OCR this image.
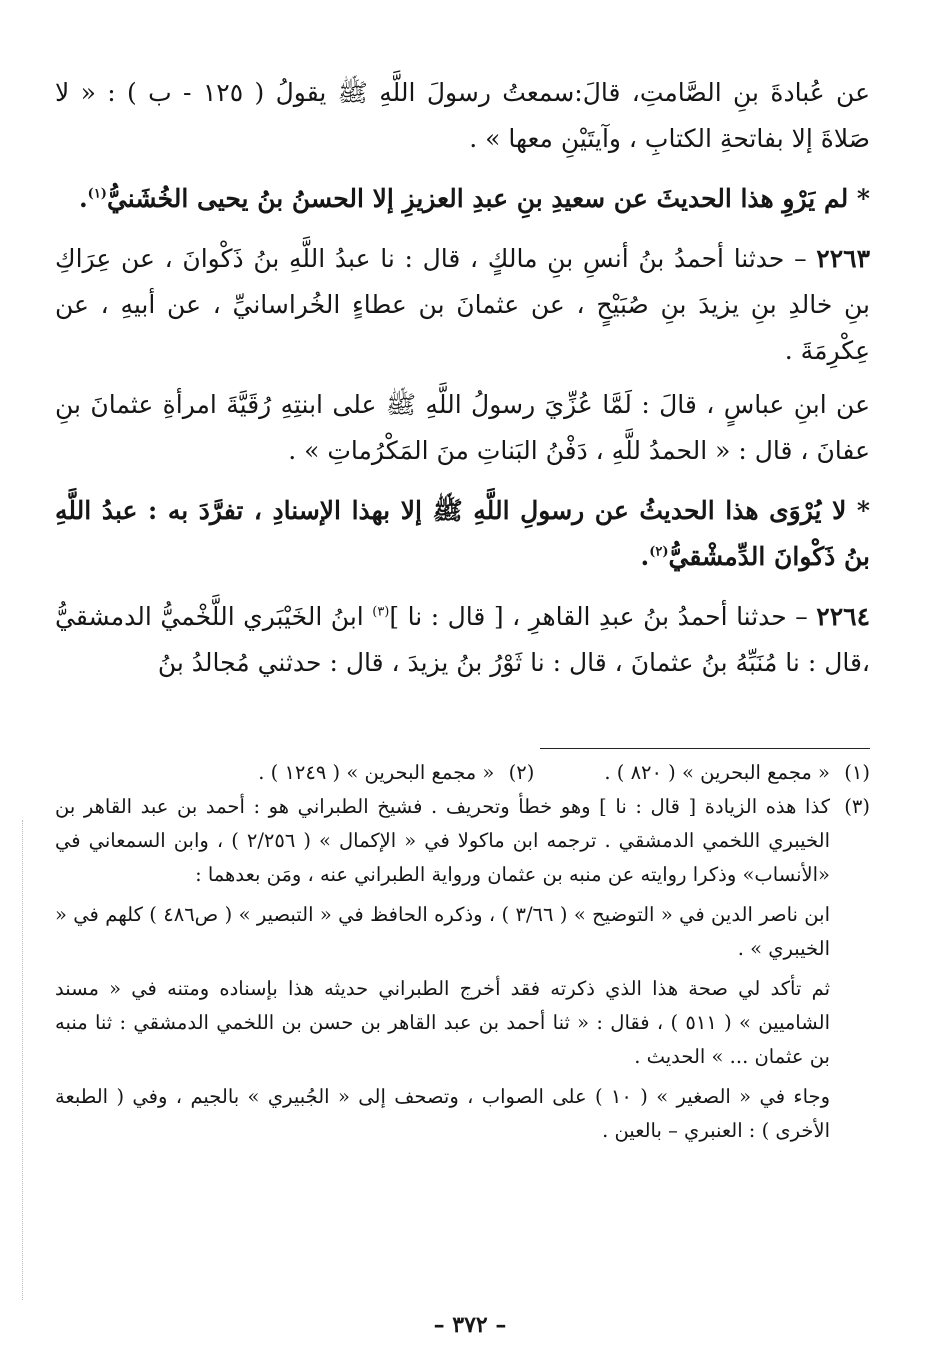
عن عُبادةَ بنِ الصَّامتِ، قالَ:سمعتُ رسولَ اللَّهِ ﷺ يقولُ ( ١٢٥ - ب ) : « لا صَلاةَ إلا بفاتحةِ الكتابِ ، وآيتَيْنِ معها » .

* لم يَرْوِ هذا الحديثَ عن سعيدِ بنِ عبدِ العزيزِ إلا الحسنُ بنُ يحيى الخُشَنيُّ$^{(١)}$.

٢٢٦٣ – حدثنا أحمدُ بنُ أنسِ بنِ مالكٍ ، قال : نا عبدُ اللَّهِ بنُ ذَكْوانَ ، عن عِرَاكِ بنِ خالدِ بنِ يزيدَ بنِ صُبَيْحٍ ، عن عثمانَ بن عطاءٍ الخُراسانيِّ ، عن أبيهِ ، عن عِكْرِمَةَ .

عن ابنِ عباسٍ ، قالَ : لَمَّا عُزِّيَ رسولُ اللَّهِ ﷺ على ابنتِهِ رُقَيَّةَ امرأةِ عثمانَ بنِ عفانَ ، قال : « الحمدُ للَّهِ ، دَفْنُ البَناتِ منَ المَكْرُماتِ » .

* لا يُرْوَى هذا الحديثُ عن رسولِ اللَّهِ ﷺ إلا بهذا الإسنادِ ، تفرَّدَ به : عبدُ اللَّهِ بنُ ذَكْوانَ الدِّمشْقيُّ$^{(٢)}$.

٢٢٦٤ – حدثنا أحمدُ بنُ عبدِ القاهرِ ، [ قال : نا ]$^{(٣)}$ ابنُ الخَيْبَري اللَّخْميُّ الدمشقيُّ ،قال : نا مُنَبِّهُ بنُ عثمانَ ، قال : نا ثَوْرُ بنُ يزيدَ ، قال : حدثني مُجالدُ بنُ

(١)
« مجمع البحرين » ( ٨٢٠ ) .
(٢)
« مجمع البحرين » ( ١٢٤٩ ) .
(٣)
كذا هذه الزيادة [ قال : نا ] وهو خطأ وتحريف . فشيخ الطبراني هو : أحمد بن عبد القاهر بن الخيبري اللخمي الدمشقي . ترجمه ابن ماكولا في « الإكمال » ( ٢/٢٥٦ ) ، وابن السمعاني في «الأنساب» وذكرا روايته عن منبه بن عثمان ورواية الطبراني عنه ، ومَن بعدهما :
ابن ناصر الدين في « التوضيح » ( ٣/٦٦ ) ، وذكره الحافظ في « التبصير » ( ص٤٨٦ ) كلهم في « الخيبري » .
ثم تأكد لي صحة هذا الذي ذكرته فقد أخرج الطبراني حديثه هذا بإسناده ومتنه في « مسند الشاميين » ( ٥١١ ) ، فقال : « ثنا أحمد بن عبد القاهر بن حسن بن اللخمي الدمشقي : ثنا منبه بن عثمان ... » الحديث .
وجاء في « الصغير » ( ١٠ ) على الصواب ، وتصحف إلى « الجُبيري » بالجيم ، وفي ( الطبعة الأخرى ) : العنبري – بالعين .
– ٣٧٢ –
